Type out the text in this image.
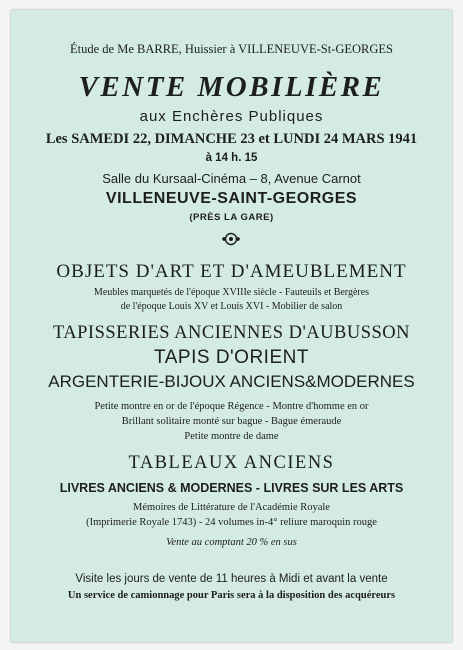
Étude de Me BARRE, Huissier à VILLENEUVE-St-GEORGES
VENTE MOBILIÈRE
aux Enchères Publiques
Les SAMEDI 22, DIMANCHE 23 et LUNDI 24 MARS 1941
à 14 h. 15
Salle du Kursaal-Cinéma – 8, Avenue Carnot
VILLENEUVE-SAINT-GEORGES
(PRÈS LA GARE)
OBJETS D'ART ET D'AMEUBLEMENT
Meubles marquetés de l'époque XVIIIe siècle - Fauteuils et Bergères
de l'époque Louis XV et Louis XVI - Mobilier de salon
TAPISSERIES ANCIENNES D'AUBUSSON
TAPIS D'ORIENT
ARGENTERIE-BIJOUX ANCIENS&MODERNES
Petite montre en or de l'époque Régence - Montre d'homme en or
Brillant solitaire monté sur bague - Bague émeraude
Petite montre de dame
TABLEAUX ANCIENS
LIVRES ANCIENS & MODERNES - LIVRES SUR LES ARTS
Mémoires de Littérature de l'Académie Royale
(Imprimerie Royale 1743) - 24 volumes in-4° reliure maroquin rouge
Vente au comptant 20 % en sus
Visite les jours de vente de 11 heures à Midi et avant la vente
Un service de camionnage pour Paris sera à la disposition des acquéreurs
